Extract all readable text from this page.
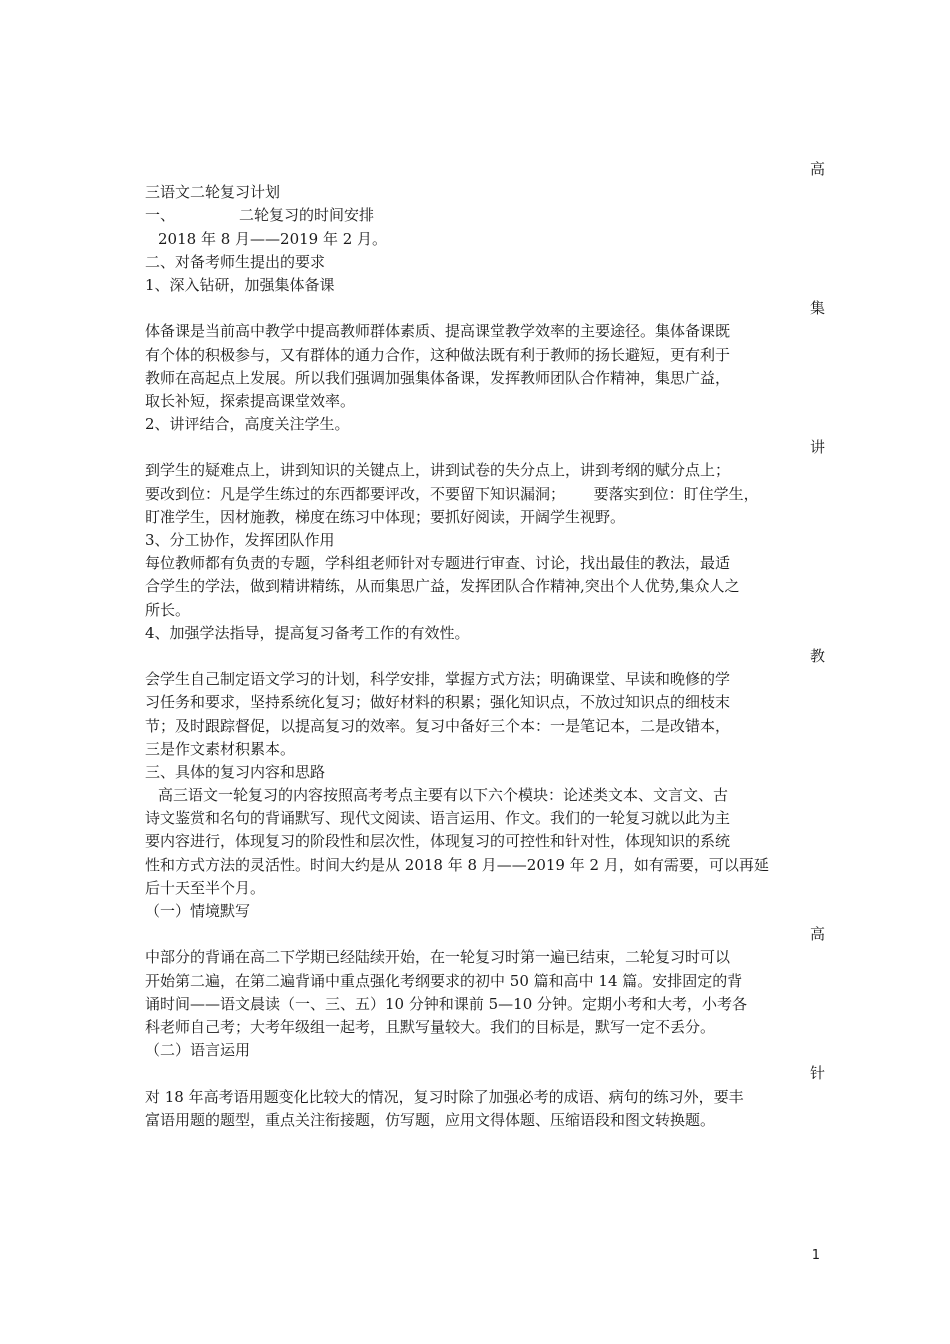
高
三语文二轮复习计划
一、	二轮复习的时间安排
2018 年 8 月——2019 年 2 月。
二、对备考师生提出的要求
1、深入钻研，加强集体备课
集
体备课是当前高中教学中提高教师群体素质、提高课堂教学效率的主要途径。集体备课既
有个体的积极参与，又有群体的通力合作，这种做法既有利于教师的扬长避短，更有利于
教师在高起点上发展。所以我们强调加强集体备课，发挥教师团队合作精神，集思广益，
取长补短，探索提高课堂效率。
2、讲评结合，高度关注学生。
讲
到学生的疑难点上，讲到知识的关键点上，讲到试卷的失分点上，讲到考纲的赋分点上；
要改到位：凡是学生练过的东西都要评改，不要留下知识漏洞；      要落实到位：盯住学生，
盯准学生，因材施教，梯度在练习中体现；要抓好阅读，开阔学生视野。
3、分工协作，发挥团队作用
每位教师都有负责的专题，学科组老师针对专题进行审查、讨论，找出最佳的教法，最适
合学生的学法，做到精讲精练，从而集思广益，发挥团队合作精神,突出个人优势,集众人之
所长。
4、加强学法指导，提高复习备考工作的有效性。
教
会学生自己制定语文学习的计划，科学安排，掌握方式方法；明确课堂、早读和晚修的学
习任务和要求，坚持系统化复习；做好材料的积累；强化知识点，不放过知识点的细枝末
节；及时跟踪督促，以提高复习的效率。复习中备好三个本：一是笔记本，二是改错本，
三是作文素材积累本。
三、具体的复习内容和思路
高三语文一轮复习的内容按照高考考点主要有以下六个模块：论述类文本、文言文、古
诗文鉴赏和名句的背诵默写、现代文阅读、语言运用、作文。我们的一轮复习就以此为主
要内容进行，体现复习的阶段性和层次性，体现复习的可控性和针对性，体现知识的系统
性和方式方法的灵活性。时间大约是从 2018 年 8 月——2019 年 2 月，如有需要，可以再延
后十天至半个月。
（一）情境默写
高
中部分的背诵在高二下学期已经陆续开始，在一轮复习时第一遍已结束，二轮复习时可以
开始第二遍，在第二遍背诵中重点强化考纲要求的初中 50 篇和高中 14 篇。安排固定的背
诵时间——语文晨读（一、三、五）10 分钟和课前 5—10 分钟。定期小考和大考，小考各
科老师自己考；大考年级组一起考，且默写量较大。我们的目标是，默写一定不丢分。
（二）语言运用
针
对 18 年高考语用题变化比较大的情况，复习时除了加强必考的成语、病句的练习外，要丰
富语用题的题型，重点关注衔接题，仿写题，应用文得体题、压缩语段和图文转换题。
1
